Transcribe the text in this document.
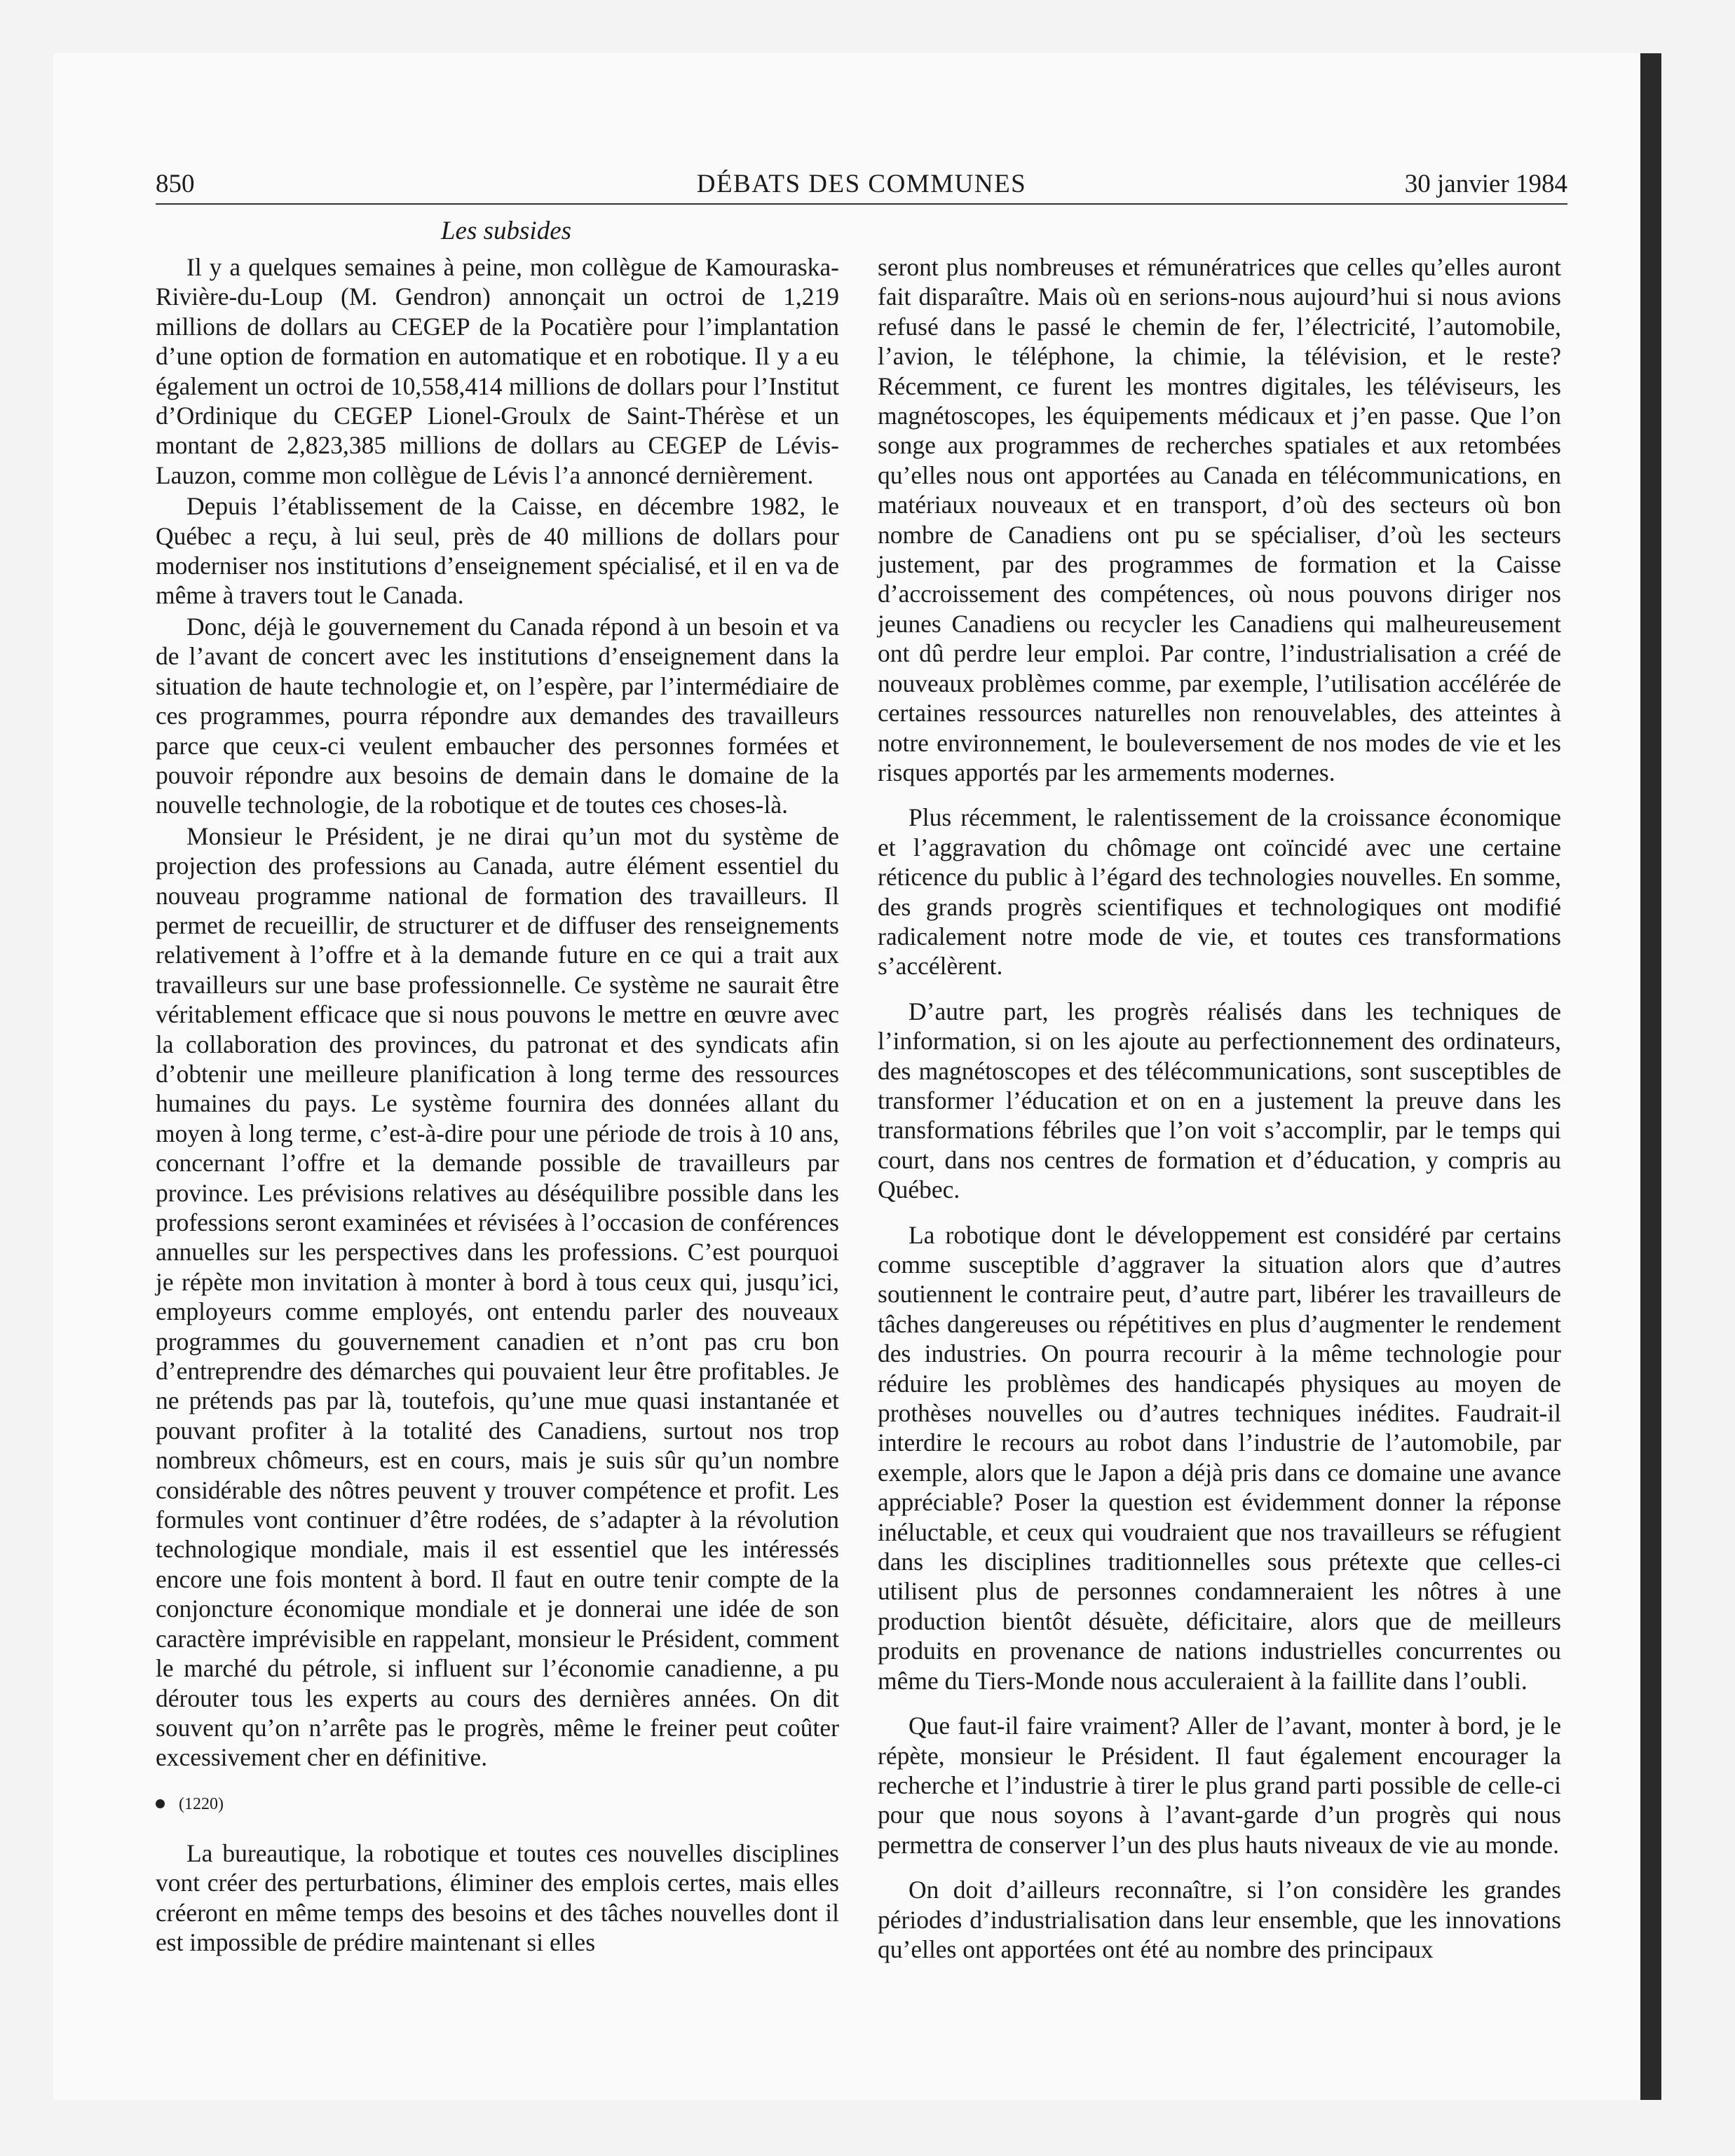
850	DÉBATS DES COMMUNES	30 janvier 1984
Les subsides

Il y a quelques semaines à peine, mon collègue de Kamouraska-Rivière-du-Loup (M. Gendron) annonçait un octroi de 1,219 millions de dollars au CEGEP de la Pocatière pour l’implantation d’une option de formation en automatique et en robotique. Il y a eu également un octroi de 10,558,414 millions de dollars pour l’Institut d’Ordinique du CEGEP Lionel-Groulx de Saint-Thérèse et un montant de 2,823,385 millions de dollars au CEGEP de Lévis-Lauzon, comme mon collègue de Lévis l’a annoncé dernièrement.

Depuis l’établissement de la Caisse, en décembre 1982, le Québec a reçu, à lui seul, près de 40 millions de dollars pour moderniser nos institutions d’enseignement spécialisé, et il en va de même à travers tout le Canada.

Donc, déjà le gouvernement du Canada répond à un besoin et va de l’avant de concert avec les institutions d’enseignement dans la situation de haute technologie et, on l’espère, par l’intermédiaire de ces programmes, pourra répondre aux demandes des travailleurs parce que ceux-ci veulent embaucher des personnes formées et pouvoir répondre aux besoins de demain dans le domaine de la nouvelle technologie, de la robotique et de toutes ces choses-là.

Monsieur le Président, je ne dirai qu’un mot du système de projection des professions au Canada, autre élément essentiel du nouveau programme national de formation des travailleurs. Il permet de recueillir, de structurer et de diffuser des renseignements relativement à l’offre et à la demande future en ce qui a trait aux travailleurs sur une base professionnelle. Ce système ne saurait être véritablement efficace que si nous pouvons le mettre en œuvre avec la collaboration des provinces, du patronat et des syndicats afin d’obtenir une meilleure planification à long terme des ressources humaines du pays. Le système fournira des données allant du moyen à long terme, c’est-à-dire pour une période de trois à 10 ans, concernant l’offre et la demande possible de travailleurs par province. Les prévisions relatives au déséquilibre possible dans les professions seront examinées et révisées à l’occasion de conférences annuelles sur les perspectives dans les professions. C’est pourquoi je répète mon invitation à monter à bord à tous ceux qui, jusqu’ici, employeurs comme employés, ont entendu parler des nouveaux programmes du gouvernement canadien et n’ont pas cru bon d’entreprendre des démarches qui pouvaient leur être profitables. Je ne prétends pas par là, toutefois, qu’une mue quasi instantanée et pouvant profiter à la totalité des Canadiens, surtout nos trop nombreux chômeurs, est en cours, mais je suis sûr qu’un nombre considérable des nôtres peuvent y trouver compétence et profit. Les formules vont continuer d’être rodées, de s’adapter à la révolution technologique mondiale, mais il est essentiel que les intéressés encore une fois montent à bord. Il faut en outre tenir compte de la conjoncture économique mondiale et je donnerai une idée de son caractère imprévisible en rappelant, monsieur le Président, comment le marché du pétrole, si influent sur l’économie canadienne, a pu dérouter tous les experts au cours des dernières années. On dit souvent qu’on n’arrête pas le progrès, même le freiner peut coûter excessivement cher en définitive.

(1220)

La bureautique, la robotique et toutes ces nouvelles disciplines vont créer des perturbations, éliminer des emplois certes, mais elles créeront en même temps des besoins et des tâches nouvelles dont il est impossible de prédire maintenant si elles

seront plus nombreuses et rémunératrices que celles qu’elles auront fait disparaître. Mais où en serions-nous aujourd’hui si nous avions refusé dans le passé le chemin de fer, l’électricité, l’automobile, l’avion, le téléphone, la chimie, la télévision, et le reste? Récemment, ce furent les montres digitales, les téléviseurs, les magnétoscopes, les équipements médicaux et j’en passe. Que l’on songe aux programmes de recherches spatiales et aux retombées qu’elles nous ont apportées au Canada en télécommunications, en matériaux nouveaux et en transport, d’où des secteurs où bon nombre de Canadiens ont pu se spécialiser, d’où les secteurs justement, par des programmes de formation et la Caisse d’accroissement des compétences, où nous pouvons diriger nos jeunes Canadiens ou recycler les Canadiens qui malheureusement ont dû perdre leur emploi. Par contre, l’industrialisation a créé de nouveaux problèmes comme, par exemple, l’utilisation accélérée de certaines ressources naturelles non renouvelables, des atteintes à notre environnement, le bouleversement de nos modes de vie et les risques apportés par les armements modernes.

Plus récemment, le ralentissement de la croissance économique et l’aggravation du chômage ont coïncidé avec une certaine réticence du public à l’égard des technologies nouvelles. En somme, des grands progrès scientifiques et technologiques ont modifié radicalement notre mode de vie, et toutes ces transformations s’accélèrent.

D’autre part, les progrès réalisés dans les techniques de l’information, si on les ajoute au perfectionnement des ordinateurs, des magnétoscopes et des télécommunications, sont susceptibles de transformer l’éducation et on en a justement la preuve dans les transformations fébriles que l’on voit s’accomplir, par le temps qui court, dans nos centres de formation et d’éducation, y compris au Québec.

La robotique dont le développement est considéré par certains comme susceptible d’aggraver la situation alors que d’autres soutiennent le contraire peut, d’autre part, libérer les travailleurs de tâches dangereuses ou répétitives en plus d’augmenter le rendement des industries. On pourra recourir à la même technologie pour réduire les problèmes des handicapés physiques au moyen de prothèses nouvelles ou d’autres techniques inédites. Faudrait-il interdire le recours au robot dans l’industrie de l’automobile, par exemple, alors que le Japon a déjà pris dans ce domaine une avance appréciable? Poser la question est évidemment donner la réponse inéluctable, et ceux qui voudraient que nos travailleurs se réfugient dans les disciplines traditionnelles sous prétexte que celles-ci utilisent plus de personnes condamneraient les nôtres à une production bientôt désuète, déficitaire, alors que de meilleurs produits en provenance de nations industrielles concurrentes ou même du Tiers-Monde nous acculeraient à la faillite dans l’oubli.

Que faut-il faire vraiment? Aller de l’avant, monter à bord, je le répète, monsieur le Président. Il faut également encourager la recherche et l’industrie à tirer le plus grand parti possible de celle-ci pour que nous soyons à l’avant-garde d’un progrès qui nous permettra de conserver l’un des plus hauts niveaux de vie au monde.

On doit d’ailleurs reconnaître, si l’on considère les grandes périodes d’industrialisation dans leur ensemble, que les innovations qu’elles ont apportées ont été au nombre des principaux
